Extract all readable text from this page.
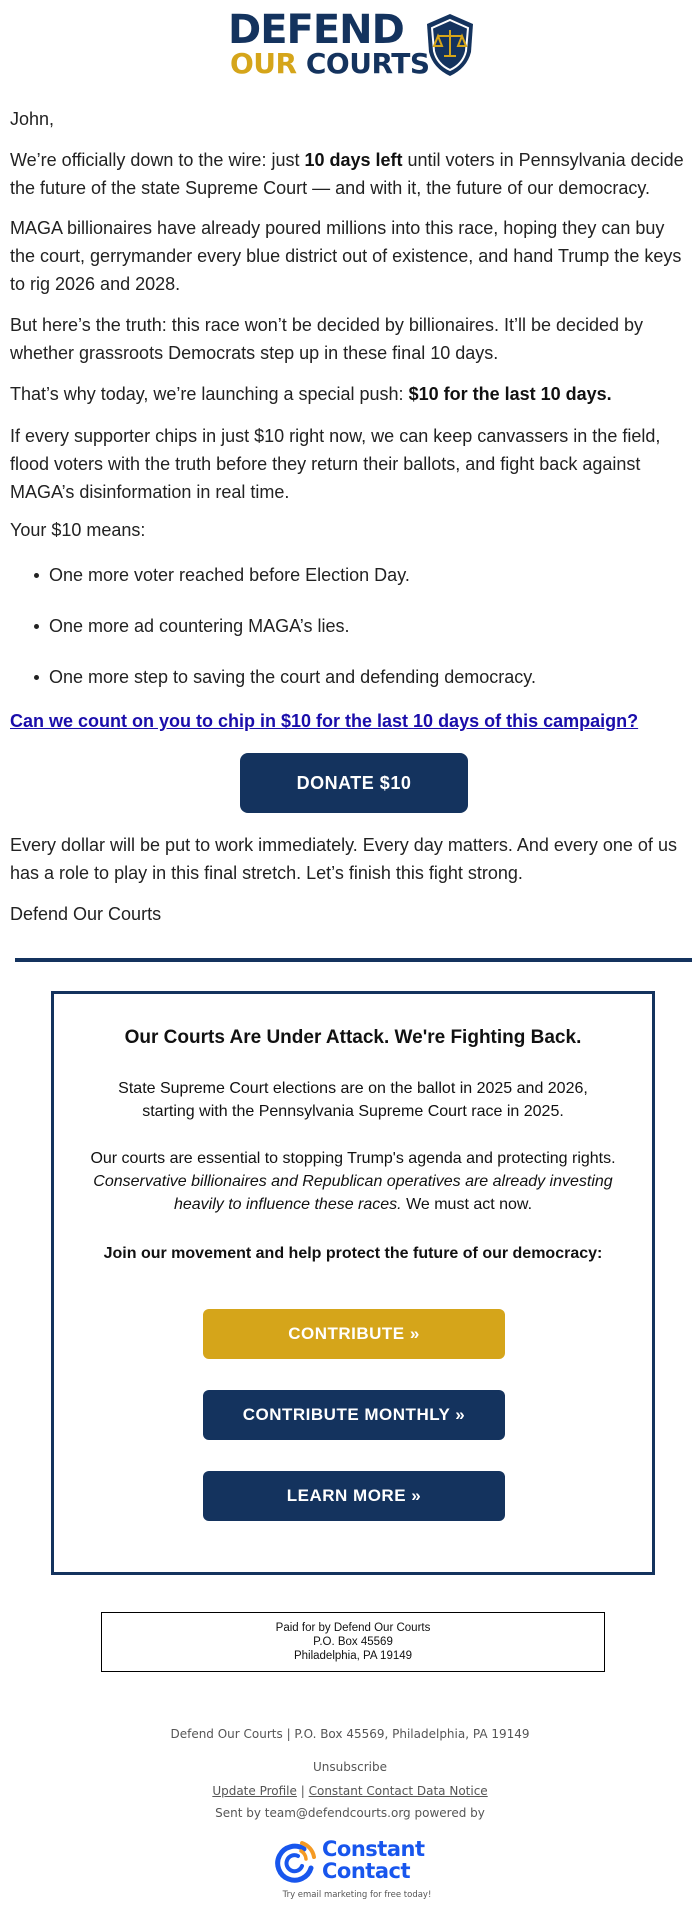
DEFEND
OUR COURTS

John,

We’re officially down to the wire: just 10 days left until voters in Pennsylvania decide the future of the state Supreme Court — and with it, the future of our democracy.

MAGA billionaires have already poured millions into this race, hoping they can buy the court, gerrymander every blue district out of existence, and hand Trump the keys to rig 2026 and 2028.

But here’s the truth: this race won’t be decided by billionaires. It’ll be decided by whether grassroots Democrats step up in these final 10 days.

That’s why today, we’re launching a special push: $10 for the last 10 days.

If every supporter chips in just $10 right now, we can keep canvassers in the field, flood voters with the truth before they return their ballots, and fight back against MAGA’s disinformation in real time.

Your $10 means:

One more voter reached before Election Day.
One more ad countering MAGA’s lies.
One more step to saving the court and defending democracy.
Can we count on you to chip in $10 for the last 10 days of this campaign?
DONATE $10

Every dollar will be put to work immediately. Every day matters. And every one of us has a role to play in this final stretch. Let’s finish this fight strong.

Defend Our Courts

Our Courts Are Under Attack. We're Fighting Back.
State Supreme Court elections are on the ballot in 2025 and 2026, starting with the Pennsylvania Supreme Court race in 2025.
Our courts are essential to stopping Trump's agenda and protecting rights. Conservative billionaires and Republican operatives are already investing heavily to influence these races. We must act now.
Join our movement and help protect the future of our democracy:
CONTRIBUTE »
CONTRIBUTE MONTHLY »
LEARN MORE »
Paid for by Defend Our Courts
P.O. Box 45569
Philadelphia, PA 19149
Defend Our Courts | P.O. Box 45569, Philadelphia, PA 19149
Unsubscribe
Update Profile | Constant Contact Data Notice
Sent by team@defendcourts.org powered by
Constant
Contact
Try email marketing for free today!
